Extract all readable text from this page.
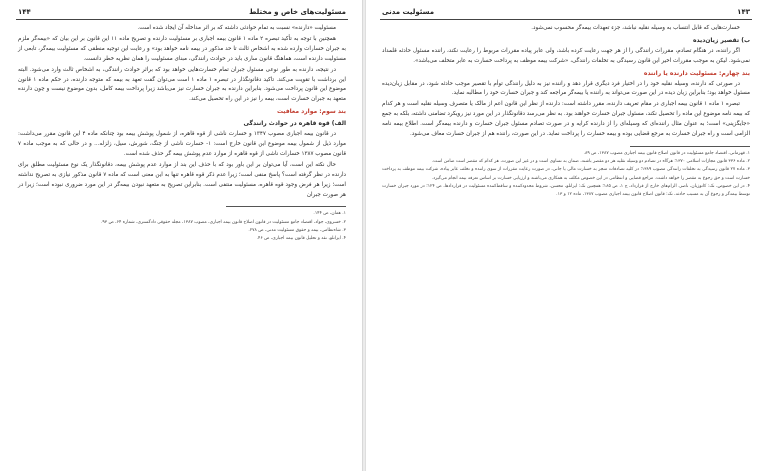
مسئولیت‌های خاص و مختلط
۱۴۴

مسئولیت «دارنده» نسبت به تمام حوادثی داشته که بر اثر مداخله آن ایجاد شده است.

همچنین با توجه به تأکید تبصره ۲ ماده ۱ قانون بیمه اجباری بر مسئولیت دارنده و تصریح ماده ۱۱ این قانون بر این بیان که «بیمه‌گر ملزم به جبران خسارات وارده شده به اشخاص ثالث تا حد مذکور در بیمه نامه خواهد بود» و رعایت این توجیه منطقی که مسئولیت بیمه‌گر، تابعی از مسئولیت دارنده است، هماهنگ قانون ساری باید در حوادث رانندگی، مبنای مسئولیت را همان نظریه خطر دانست.

در نتیجه، دارنده به طور نوعی مسئول جبران تمام خسارت‌هایی خواهد بود که براثر حوادث رانندگی، به اشخاص ثالث وارد می‌شود. البته این برداشت با تقویت می‌کند. تاکید دقانونگذار در تبصره ۱ ماده ۱ است می‌توان گفت تعهد به بیمه که متوجه دارنده، در حکم ماده ۱ قانون موضوع این قانون پرداخت می‌شود. بنابراین دارنده به جبران خسارت نیز می‌باشد زیرا پرداخت بیمه کامل، بدون موضوع نیست و چون دارنده متعهد به جبران خسارت است، بیمه را نیز در این راه تحصیل می‌کند.

بند سوم: موارد معافیت
الف) قوه قاهره در حوادث رانندگی

در قانون بیمه اجباری مصوب ۱۳۴۷ و خسارت ناشی از قوه قاهره، از شمول پوشش بیمه بود چنانکه ماده ۴ این قانون مقرر می‌داشت: موارد ذیل از شمول بیمه موضوع این قانون خارج است: ۱- خسارت ناشی از جنگ، شورش، سیل، زلزله... و در حالی که به موجب ماده ۷ قانون مصوب ۱۳۸۷ خسارات ناشی از قوه قاهره از موارد عدم پوشش بیمه گر حذف شده است.

حال نکته این است، آیا می‌توان بر این باور بود که با حذف این بند از موارد عدم پوشش بیمه، دقانونگذار یک نوع مسئولیت مطلق برای دارنده در نظر گرفته است؟ پاسخ منفی است؛ زیرا عدم ذکر قوه قاهره تنها به این معنی است که ماده ۷ قانون مذکور نیازی به تصریح نداشته است؛ زیرا هر فرض وجود قوه قاهره، مسئولیت منتفی است. بنابراین تصریح به متعهد نبودن بیمه‌گر در این مورد ضروری نبوده است؛ زیرا در هر صورت جبران

۱. همان، ص ۱۴۴.

۲. خسروی، جواد، اقتصاد جامع مسئولیت در قانون اصلاح قانون بیمه اجباری، مصوب ۱۳۸۷، مجله حقوقی دادگستری، شماره ۶۴، ص ۹۳.

۳. شاه‌نظامی، بیمه و حقوق مسئولیت مدنی، ص ۲۷۸.

۴. ایزانلو، نقد و تحلیل قانون بیمه اجباری، ص ۴۶.

۱۴۳
مسئولیت مدنی

خسارت‌هایی که قابل انتساب به وسیله نقلیه نباشد، جزء تعهدات بیمه‌گر محسوب نمی‌شود.

ب) تقصیر زیان‌دیده

اگر راننده، در هنگام تصادم، مقررات رانندگی را از هر جهت رعایت کرده باشد، ولی عابر پیاده مقررات مربوط را رعایت نکند، راننده مسئول حادثه قلمداد نمی‌شود. لیکن به موجب مقررات اخیر این قانون رسیدگی به تخلفات رانندگی، «شرکت بیمه موظف به پرداخت خسارت به عابر متخلف می‌باشد».

بند چهارم: مسئولیت دارنده یا راننده

در صورتی که دارنده، وسیله نقلیه خود را در اختیار فرد دیگری قرار دهد و راننده نیز به دلیل رانندگی توأم با تقصیر موجب حادثه شود، در مقابل زیان‌دیده مسئول خواهد بود؛ بنابراین زیان دیده در این صورت می‌تواند به راننده یا بیمه‌گر مراجعه کند و جبران خسارت خود را مطالبه نماید.

تبصره ۱ ماده ۱ قانون بیمه اجباری در مقام تعریف دارنده، مقرر داشته است: دارنده از نظر این قانون اعم از مالک یا متصرف وسیله نقلیه است و هر کدام که بیمه نامه موضوع این ماده را تحصیل نکند، مسئول جبران خسارت خواهند بود. به نظر می‌رسد دقانونگذار در این مورد نیز رویکرد تضامنی داشته، بلکه به جمع «جایگزینی» است؛ به عنوان مثال راننده‌ای که وسیله‌ای را از دارنده کرایه و در صورت تصادم مسئول جبران خسارت و دارنده بیمه‌گر است. اطلاع بیمه نامه الزامی است و راه جبران خسارت به مرجع قضایی بوده و بیمه خسارت را پرداخت نماید. در این صورت، راننده هم از جبران خسارت معاف می‌شود.

۱. قهرمانی، اقتصاد جامع مسئولیت در قانون اصلاح قانون بیمه اجباری مصوب ۱۳۸۷، ص ۸۹.

۲. ماده ۳۳۶ قانون مجازات اسلامی ۱۳۷۰؛ هرگاه در تصادم دو وسیله نقلیه هر دو مقصر باشند، ضمان به تساوی است و در غیر این صورت، هر کدام که مقصر است ضامن است.

۳. ماده ۲۷ قانون رسیدگی به تخلفات رانندگی مصوب ۱۳۸۹؛ در کلیه تصادفات منجر به خسارت مالی یا جانی، در صورت رعایت مقررات از سوی راننده و تخلف عابر پیاده، شرکت بیمه موظف به پرداخت خسارت است و حق رجوع به مقصر را خواهد داشت. مراجع قضایی و انتظامی در این خصوص مکلف به همکاری می‌باشند و ارزیابی خسارت بر اساس تعرفه بیمه انجام می‌گیرد.

۴. در این خصوص، نک: کاتوزیان، ناصر، الزام‌های خارج از قرارداد، ج ۱، ص ۱۸۵؛ همچنین نک: ایزانلو، محسن، شروط محدودکننده و ساقط‌کننده مسئولیت در قراردادها، ص ۱۲۴؛ در مورد جبران خسارت توسط بیمه‌گر و رجوع آن به مسبب حادثه، نک: قانون اصلاح قانون بیمه اجباری مصوب ۱۳۸۷، ماده ۱۲ و ۱۳.
